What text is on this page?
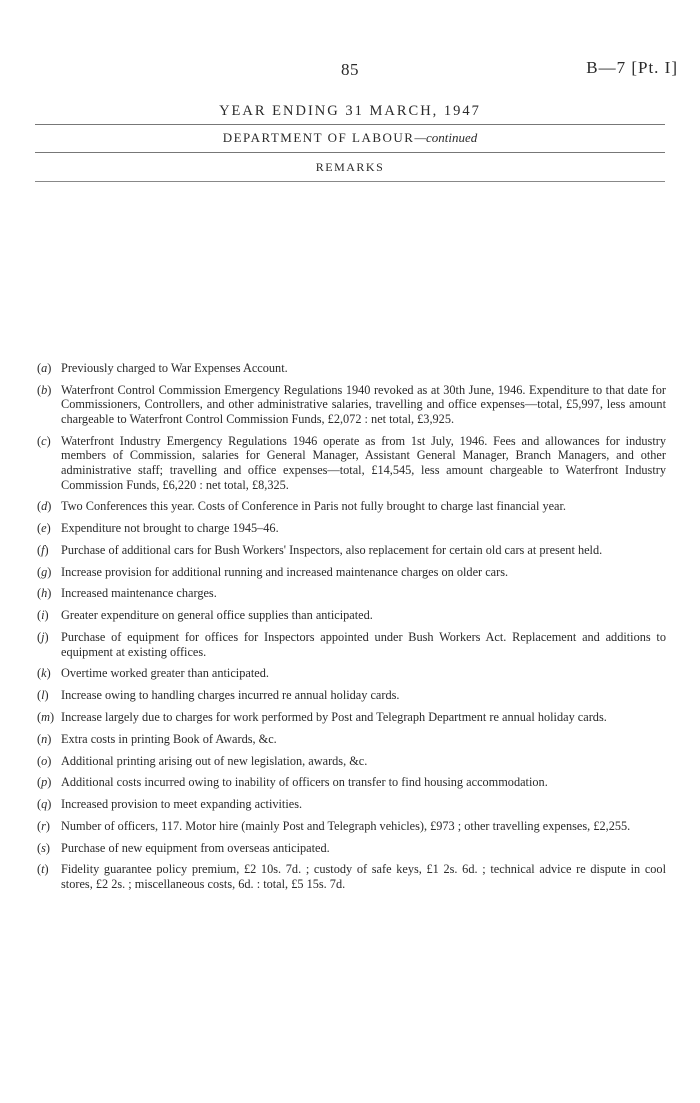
85	B—7 [Pt. I]
YEAR ENDING 31 MARCH, 1947
DEPARTMENT OF LABOUR—continued
REMARKS
(a) Previously charged to War Expenses Account.
(b) Waterfront Control Commission Emergency Regulations 1940 revoked as at 30th June, 1946. Expenditure to that date for Commissioners, Controllers, and other administrative salaries, travelling and office expenses—total, £5,997, less amount chargeable to Waterfront Control Commission Funds, £2,072 : net total, £3,925.
(c) Waterfront Industry Emergency Regulations 1946 operate as from 1st July, 1946. Fees and allowances for industry members of Commission, salaries for General Manager, Assistant General Manager, Branch Managers, and other administrative staff; travelling and office expenses—total, £14,545, less amount chargeable to Waterfront Industry Commission Funds, £6,220 : net total, £8,325.
(d) Two Conferences this year. Costs of Conference in Paris not fully brought to charge last financial year.
(e) Expenditure not brought to charge 1945–46.
(f) Purchase of additional cars for Bush Workers' Inspectors, also replacement for certain old cars at present held.
(g) Increase provision for additional running and increased maintenance charges on older cars.
(h) Increased maintenance charges.
(i) Greater expenditure on general office supplies than anticipated.
(j) Purchase of equipment for offices for Inspectors appointed under Bush Workers Act. Replacement and additions to equipment at existing offices.
(k) Overtime worked greater than anticipated.
(l) Increase owing to handling charges incurred re annual holiday cards.
(m) Increase largely due to charges for work performed by Post and Telegraph Department re annual holiday cards.
(n) Extra costs in printing Book of Awards, &c.
(o) Additional printing arising out of new legislation, awards, &c.
(p) Additional costs incurred owing to inability of officers on transfer to find housing accommodation.
(q) Increased provision to meet expanding activities.
(r) Number of officers, 117. Motor hire (mainly Post and Telegraph vehicles), £973 ; other travelling expenses, £2,255.
(s) Purchase of new equipment from overseas anticipated.
(t) Fidelity guarantee policy premium, £2 10s. 7d. ; custody of safe keys, £1 2s. 6d. ; technical advice re dispute in cool stores, £2 2s. ; miscellaneous costs, 6d. : total, £5 15s. 7d.
